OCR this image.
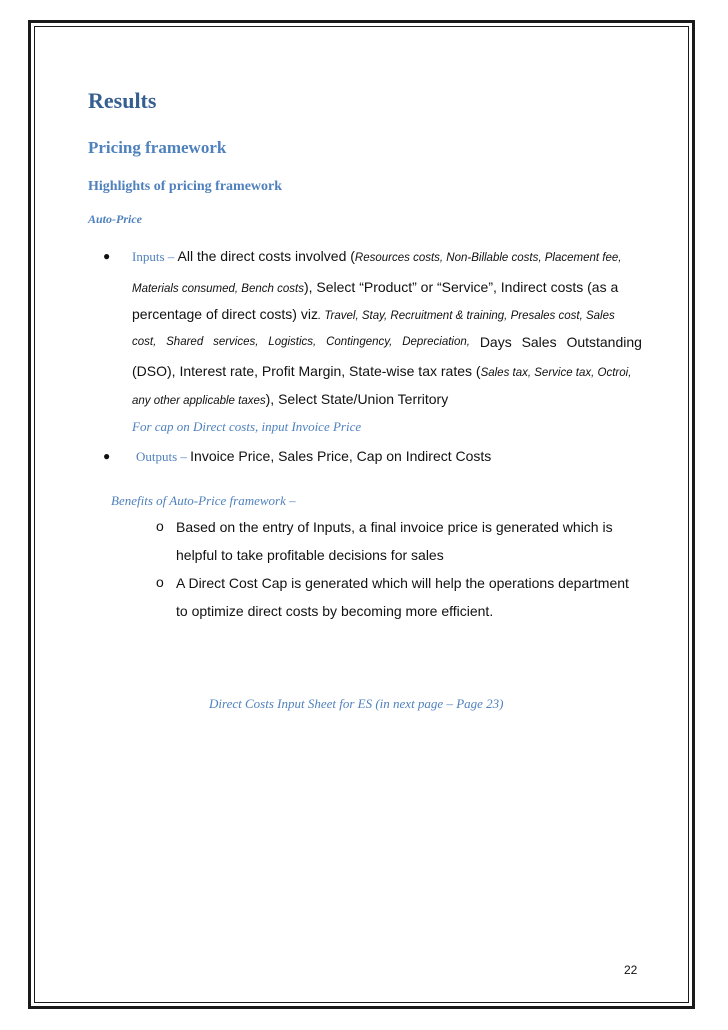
Results
Pricing framework
Highlights of pricing framework
Auto-Price
● Inputs – All the direct costs involved (Resources costs, Non-Billable costs, Placement fee,
Materials consumed, Bench costs), Select “Product” or “Service”, Indirect costs (as a
percentage of direct costs) viz. Travel, Stay, Recruitment & training, Presales cost, Sales
cost, Shared services, Logistics, Contingency, Depreciation, Days Sales Outstanding
(DSO), Interest rate, Profit Margin, State-wise tax rates (Sales tax, Service tax, Octroi,
any other applicable taxes), Select State/Union Territory
For cap on Direct costs, input Invoice Price
● Outputs – Invoice Price, Sales Price, Cap on Indirect Costs
Benefits of Auto-Price framework –
o Based on the entry of Inputs, a final invoice price is generated which is
helpful to take profitable decisions for sales
o A Direct Cost Cap is generated which will help the operations department
to optimize direct costs by becoming more efficient.
Direct Costs Input Sheet for ES (in next page – Page 23)
22
